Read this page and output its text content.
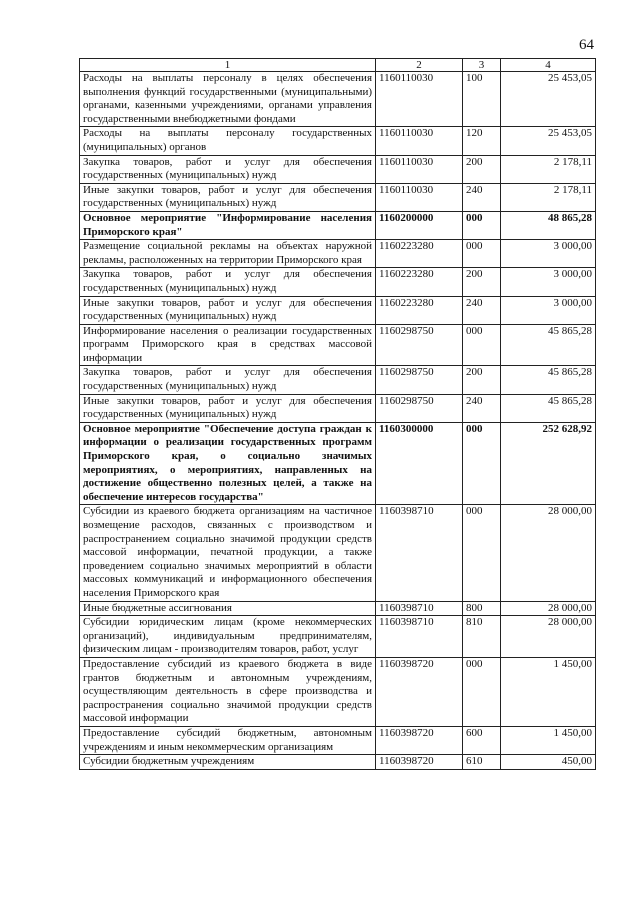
64
1	2	3	4
Расходы на выплаты персоналу в целях обеспечения выполнения функций государственными (муниципальными) органами, казенными учреждениями, органами управления государственными внебюджетными фондами	1160110030	100	25 453,05
Расходы на выплаты персоналу государственных (муниципальных) органов	1160110030	120	25 453,05
Закупка товаров, работ и услуг для обеспечения государственных (муниципальных) нужд	1160110030	200	2 178,11
Иные закупки товаров, работ и услуг для обеспечения государственных (муниципальных) нужд	1160110030	240	2 178,11
Основное мероприятие "Информирование населения Приморского края"	1160200000	000	48 865,28
Размещение социальной рекламы на объектах наружной рекламы, расположенных на территории Приморского края	1160223280	000	3 000,00
Закупка товаров, работ и услуг для обеспечения государственных (муниципальных) нужд	1160223280	200	3 000,00
Иные закупки товаров, работ и услуг для обеспечения государственных (муниципальных) нужд	1160223280	240	3 000,00
Информирование населения о реализации государственных программ Приморского края в средствах массовой информации	1160298750	000	45 865,28
Закупка товаров, работ и услуг для обеспечения государственных (муниципальных) нужд	1160298750	200	45 865,28
Иные закупки товаров, работ и услуг для обеспечения государственных (муниципальных) нужд	1160298750	240	45 865,28
Основное мероприятие "Обеспечение доступа граждан к информации о реализации государственных программ Приморского края, о социально значимых мероприятиях, о мероприятиях, направленных на достижение общественно полезных целей, а также на обеспечение интересов государства"	1160300000	000	252 628,92
Субсидии из краевого бюджета организациям на частичное возмещение расходов, связанных с производством и распространением социально значимой продукции средств массовой информации, печатной продукции, а также проведением социально значимых мероприятий в области массовых коммуникаций и информационного обеспечения населения Приморского края	1160398710	000	28 000,00
Иные бюджетные ассигнования	1160398710	800	28 000,00
Субсидии юридическим лицам (кроме некоммерческих организаций), индивидуальным предпринимателям, физическим лицам - производителям товаров, работ, услуг	1160398710	810	28 000,00
Предоставление субсидий из краевого бюджета в виде грантов бюджетным и автономным учреждениям, осуществляющим деятельность в сфере производства и распространения социально значимой продукции средств массовой информации	1160398720	000	1 450,00
Предоставление субсидий бюджетным, автономным учреждениям и иным некоммерческим организациям	1160398720	600	1 450,00
Субсидии бюджетным учреждениям	1160398720	610	450,00
